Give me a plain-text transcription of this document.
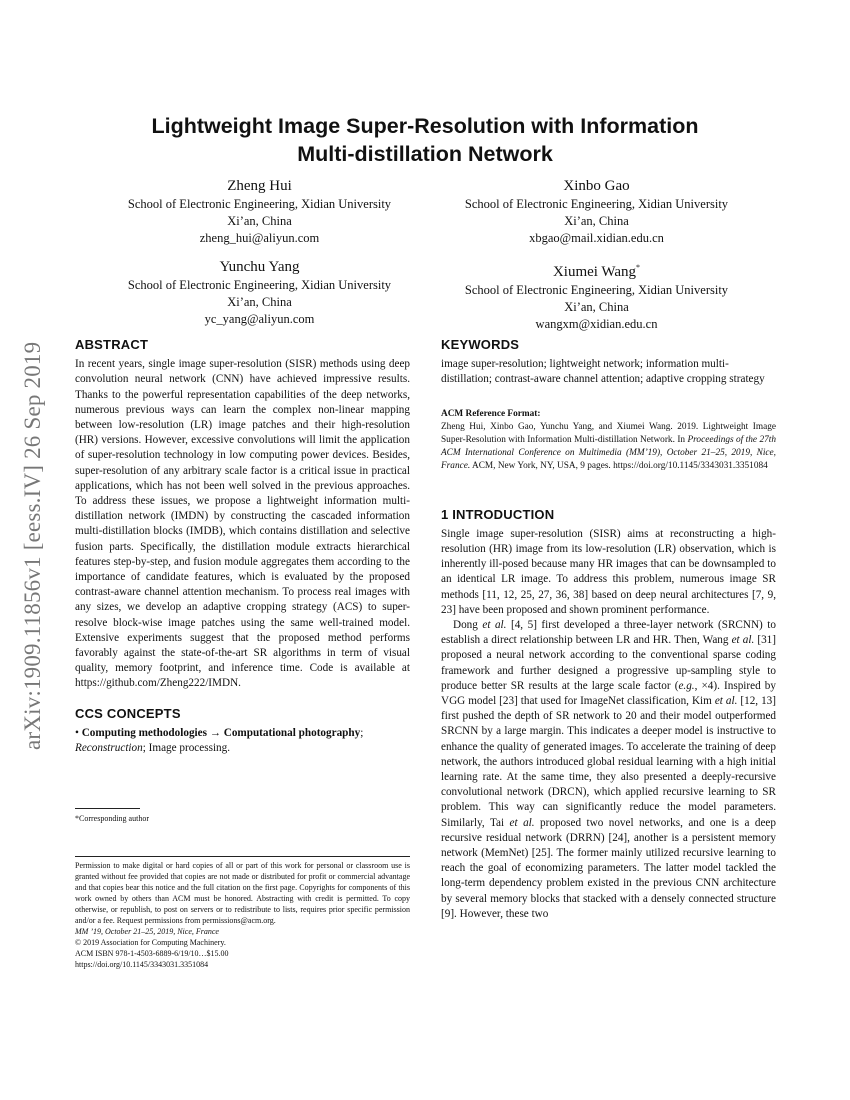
arXiv:1909.11856v1 [eess.IV] 26 Sep 2019
Lightweight Image Super-Resolution with Information
Multi-distillation Network
Zheng Hui
School of Electronic Engineering, Xidian University
Xi’an, China
zheng_hui@aliyun.com
Xinbo Gao
School of Electronic Engineering, Xidian University
Xi’an, China
xbgao@mail.xidian.edu.cn
Yunchu Yang
School of Electronic Engineering, Xidian University
Xi’an, China
yc_yang@aliyun.com
Xiumei Wang*
School of Electronic Engineering, Xidian University
Xi’an, China
wangxm@xidian.edu.cn
ABSTRACT

In recent years, single image super-resolution (SISR) methods using deep convolution neural network (CNN) have achieved impressive results. Thanks to the powerful representation capabilities of the deep networks, numerous previous ways can learn the complex non-linear mapping between low-resolution (LR) image patches and their high-resolution (HR) versions. However, excessive convolutions will limit the application of super-resolution technology in low computing power devices. Besides, super-resolution of any arbitrary scale factor is a critical issue in practical applications, which has not been well solved in the previous approaches. To address these issues, we propose a lightweight information multi-distillation network (IMDN) by constructing the cascaded information multi-distillation blocks (IMDB), which contains distillation and selective fusion parts. Specifically, the distillation module extracts hierarchical features step-by-step, and fusion module aggregates them according to the importance of candidate features, which is evaluated by the proposed contrast-aware channel attention mechanism. To process real images with any sizes, we develop an adaptive cropping strategy (ACS) to super-resolve block-wise image patches using the same well-trained model. Extensive experiments suggest that the proposed method performs favorably against the state-of-the-art SR algorithms in term of visual quality, memory footprint, and inference time. Code is available at https://github.com/Zheng222/IMDN.

CCS CONCEPTS

• Computing methodologies → Computational photography;
Reconstruction; Image processing.

*Corresponding author
Permission to make digital or hard copies of all or part of this work for personal or classroom use is granted without fee provided that copies are not made or distributed for profit or commercial advantage and that copies bear this notice and the full citation on the first page. Copyrights for components of this work owned by others than ACM must be honored. Abstracting with credit is permitted. To copy otherwise, or republish, to post on servers or to redistribute to lists, requires prior specific permission and/or a fee. Request permissions from permissions@acm.org.
MM ’19, October 21–25, 2019, Nice, France
© 2019 Association for Computing Machinery.
ACM ISBN 978-1-4503-6889-6/19/10…$15.00
https://doi.org/10.1145/3343031.3351084
KEYWORDS

image super-resolution; lightweight network; information multi-distillation; contrast-aware channel attention; adaptive cropping strategy

ACM Reference Format:
Zheng Hui, Xinbo Gao, Yunchu Yang, and Xiumei Wang. 2019. Lightweight Image Super-Resolution with Information Multi-distillation Network. In Proceedings of the 27th ACM International Conference on Multimedia (MM’19), October 21–25, 2019, Nice, France. ACM, New York, NY, USA, 9 pages. https://doi.org/10.1145/3343031.3351084
1 INTRODUCTION

Single image super-resolution (SISR) aims at reconstructing a high-resolution (HR) image from its low-resolution (LR) observation, which is inherently ill-posed because many HR images that can be downsampled to an identical LR image. To address this problem, numerous image SR methods [11, 12, 25, 27, 36, 38] based on deep neural architectures [7, 9, 23] have been proposed and shown prominent performance.

Dong et al. [4, 5] first developed a three-layer network (SRCNN) to establish a direct relationship between LR and HR. Then, Wang et al. [31] proposed a neural network according to the conventional sparse coding framework and further designed a progressive up-sampling style to produce better SR results at the large scale factor (e.g., ×4). Inspired by VGG model [23] that used for ImageNet classification, Kim et al. [12, 13] first pushed the depth of SR network to 20 and their model outperformed SRCNN by a large margin. This indicates a deeper model is instructive to enhance the quality of generated images. To accelerate the training of deep network, the authors introduced global residual learning with a high initial learning rate. At the same time, they also presented a deeply-recursive convolutional network (DRCN), which applied recursive learning to SR problem. This way can significantly reduce the model parameters. Similarly, Tai et al. proposed two novel networks, and one is a deep recursive residual network (DRRN) [24], another is a persistent memory network (MemNet) [25]. The former mainly utilized recursive learning to reach the goal of economizing parameters. The latter model tackled the long-term dependency problem existed in the previous CNN architecture by several memory blocks that stacked with a densely connected structure [9]. However, these two
